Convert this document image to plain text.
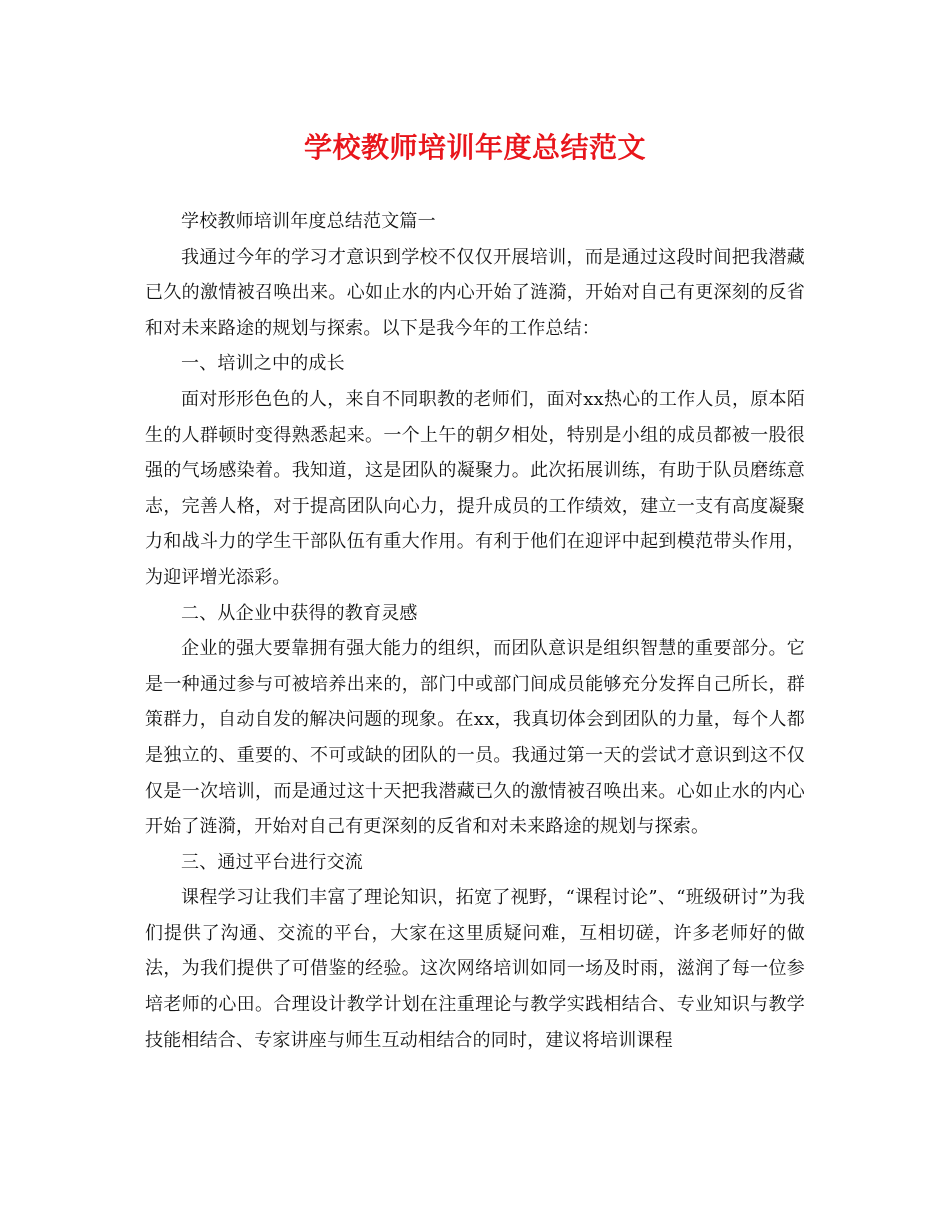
学校教师培训年度总结范文

学校教师培训年度总结范文篇一

我通过今年的学习才意识到学校不仅仅开展培训，而是通过这段时间把我潜藏已久的激情被召唤出来。心如止水的内心开始了涟漪，开始对自己有更深刻的反省和对未来路途的规划与探索。以下是我今年的工作总结：

一、培训之中的成长

面对形形色色的人，来自不同职教的老师们，面对xx热心的工作人员，原本陌生的人群顿时变得熟悉起来。一个上午的朝夕相处，特别是小组的成员都被一股很强的气场感染着。我知道，这是团队的凝聚力。此次拓展训练，有助于队员磨练意志，完善人格，对于提高团队向心力，提升成员的工作绩效，建立一支有高度凝聚力和战斗力的学生干部队伍有重大作用。有利于他们在迎评中起到模范带头作用，为迎评增光添彩。

二、从企业中获得的教育灵感

企业的强大要靠拥有强大能力的组织，而团队意识是组织智慧的重要部分。它是一种通过参与可被培养出来的，部门中或部门间成员能够充分发挥自己所长，群策群力，自动自发的解决问题的现象。在xx，我真切体会到团队的力量，每个人都是独立的、重要的、不可或缺的团队的一员。我通过第一天的尝试才意识到这不仅仅是一次培训，而是通过这十天把我潜藏已久的激情被召唤出来。心如止水的内心开始了涟漪，开始对自己有更深刻的反省和对未来路途的规划与探索。

三、通过平台进行交流

课程学习让我们丰富了理论知识，拓宽了视野，“课程讨论”、“班级研讨”为我们提供了沟通、交流的平台，大家在这里质疑问难，互相切磋，许多老师好的做法，为我们提供了可借鉴的经验。这次网络培训如同一场及时雨，滋润了每一位参培老师的心田。合理设计教学计划在注重理论与教学实践相结合、专业知识与教学技能相结合、专家讲座与师生互动相结合的同时，建议将培训课程
